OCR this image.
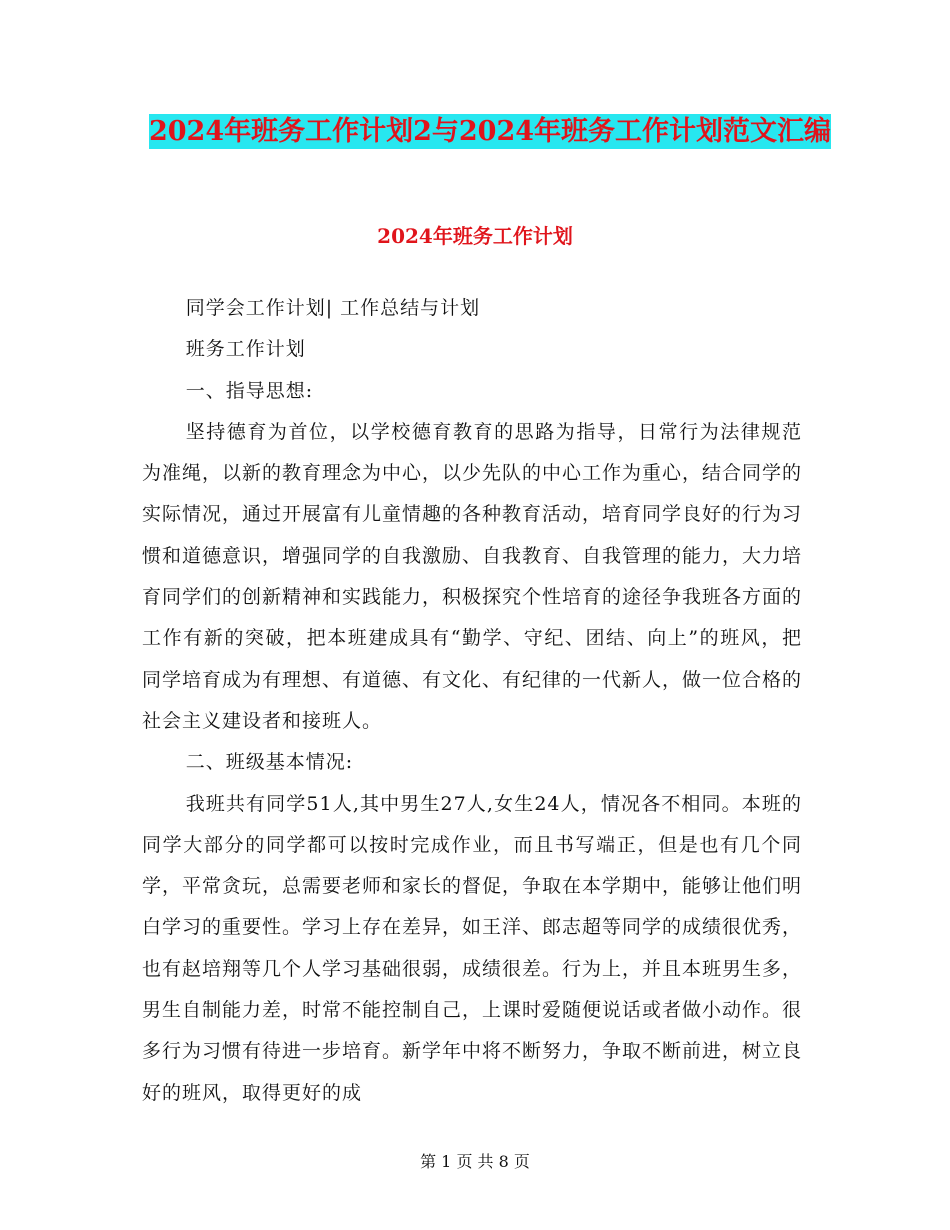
2024年班务工作计划2与2024年班务工作计划范文汇编
2024年班务工作计划

同学会工作计划| 工作总结与计划

班务工作计划

一、指导思想:

坚持德育为首位，以学校德育教育的思路为指导，日常行为法律规范为准绳，以新的教育理念为中心，以少先队的中心工作为重心，结合同学的实际情况，通过开展富有儿童情趣的各种教育活动，培育同学良好的行为习惯和道德意识，增强同学的自我激励、自我教育、自我管理的能力，大力培育同学们的创新精神和实践能力，积极探究个性培育的途径争我班各方面的工作有新的突破，把本班建成具有“勤学、守纪、团结、向上”的班风，把同学培育成为有理想、有道德、有文化、有纪律的一代新人，做一位合格的社会主义建设者和接班人。

二、班级基本情况:

我班共有同学51人,其中男生27人,女生24人，情况各不相同。本班的同学大部分的同学都可以按时完成作业，而且书写端正，但是也有几个同学，平常贪玩，总需要老师和家长的督促，争取在本学期中，能够让他们明白学习的重要性。学习上存在差异，如王洋、郎志超等同学的成绩很优秀，也有赵培翔等几个人学习基础很弱，成绩很差。行为上，并且本班男生多，男生自制能力差，时常不能控制自己，上课时爱随便说话或者做小动作。很多行为习惯有待进一步培育。新学年中将不断努力，争取不断前进，树立良好的班风，取得更好的成

第 1 页 共 8 页
